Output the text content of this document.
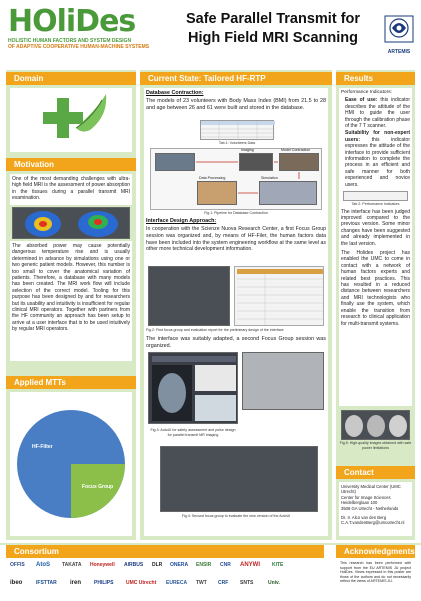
HOliDes
HOLISTIC HUMAN FACTORS AND SYSTEM DESIGN
OF ADAPTIVE COOPERATIVE HUMAN-MACHINE SYSTEMS
Safe Parallel Transmit for High Field MRI Scanning
ARTEMIS
Domain
Motivation
One of the most demanding challenges with ultra-high field MRI is the assessment of power absorption in the tissues during a parallel transmit MRI examination.
The absorbed power may cause potentially dangerous temperature rise and is usually determined in advance by simulations using one or two generic patient models. However, this number is too small to cover the anatomical variation of patients. Therefore, a database with many models has been created. The MRI work flow will include selection of the correct model. Tooling for this purpose has been designed by and for researchers but its usability and intuitivity is insufficient for regular clinical MRI operators. Together with partners from the HF community an approach has been setup to arrive at a user interface that is to be used intuitively by regular MRI operators.
Applied MTTs
HF-Filter
Focus Group
Current State: Tailored HF-RTP
Database Contraction:
The models of 23 volunteers with Body Mass Index (BMI) from 21.5 to 28 and age between 26 and 61 were built and stored in the database.
Tab.1: Volunteers Data
Imaging	Model Contraction
Data Processing	Simulation
Fig.1: Pipeline for Database Contraction
Interface Design Approach:
In cooperation with the Scienze Nuova Research Center, a first Focus Group session was organized and, by means of HF-Filer, the human factors data have been included into the system engineering workflow at the same level as other more technical development information.
Fig.2: First focus group and evaluation report for the preliminary design of the interface
The interface was suitably adapted, a second Focus Group session was organized.
Fig.3: AutoUI for safety assessment and pulse design for parallel transmit MR imaging
Fig.4: Second focus group to evaluate the new version of the AutoUI
Results
Performance Indicators:
Ease of use: this indicator describes the attitude of the HMI to guide the user through the calibration phase of the 7 T scanner.
Suitability for non-expert users: this indicator expresses the attitude of the interface to provide sufficient information to complete the process in an efficient and safe manner for both experienced and novice users.
Tab.2: Performance Indicators
The interface has been judged improved compared to the previous version. Some minor changes have been suggested and already implemented in the last version.
The Holides project has enabled the UMC to come in contact with a network of human factors experts and related best practices. This has resulted in a reduced distance between researchers and MRI technologists who finally use the system, which enable the transition from research to clinical application for multi-transmit systems.
Fig.5: High-quality images obtained with safe power limitations
Contact
University Medical Center (UMC Utrecht)
Center for Image Sciences
Heidelberglaan 100
3508 GA Utrecht - Netherlands
Dr. Ir. Alco van den Berg
C.A.T.vandenBerg@umcutrecht.nl
Consortium
OFFIS AtoS TAKATA Honeywell AIRBUS DLR ONERA ENSIR CNR ANYWI KITE
ibeo	IFSTTAR iren	PHILIPS	UMC Utrecht EURECA TWT CRF SNTS	Univ.
Acknowledgments
This research has been performed with support from the EU ARTEMIS JU project HoliDes. Views expressed in this poster are those of the authors and do not necessarily reflect the views of ARTEMIS JU.
